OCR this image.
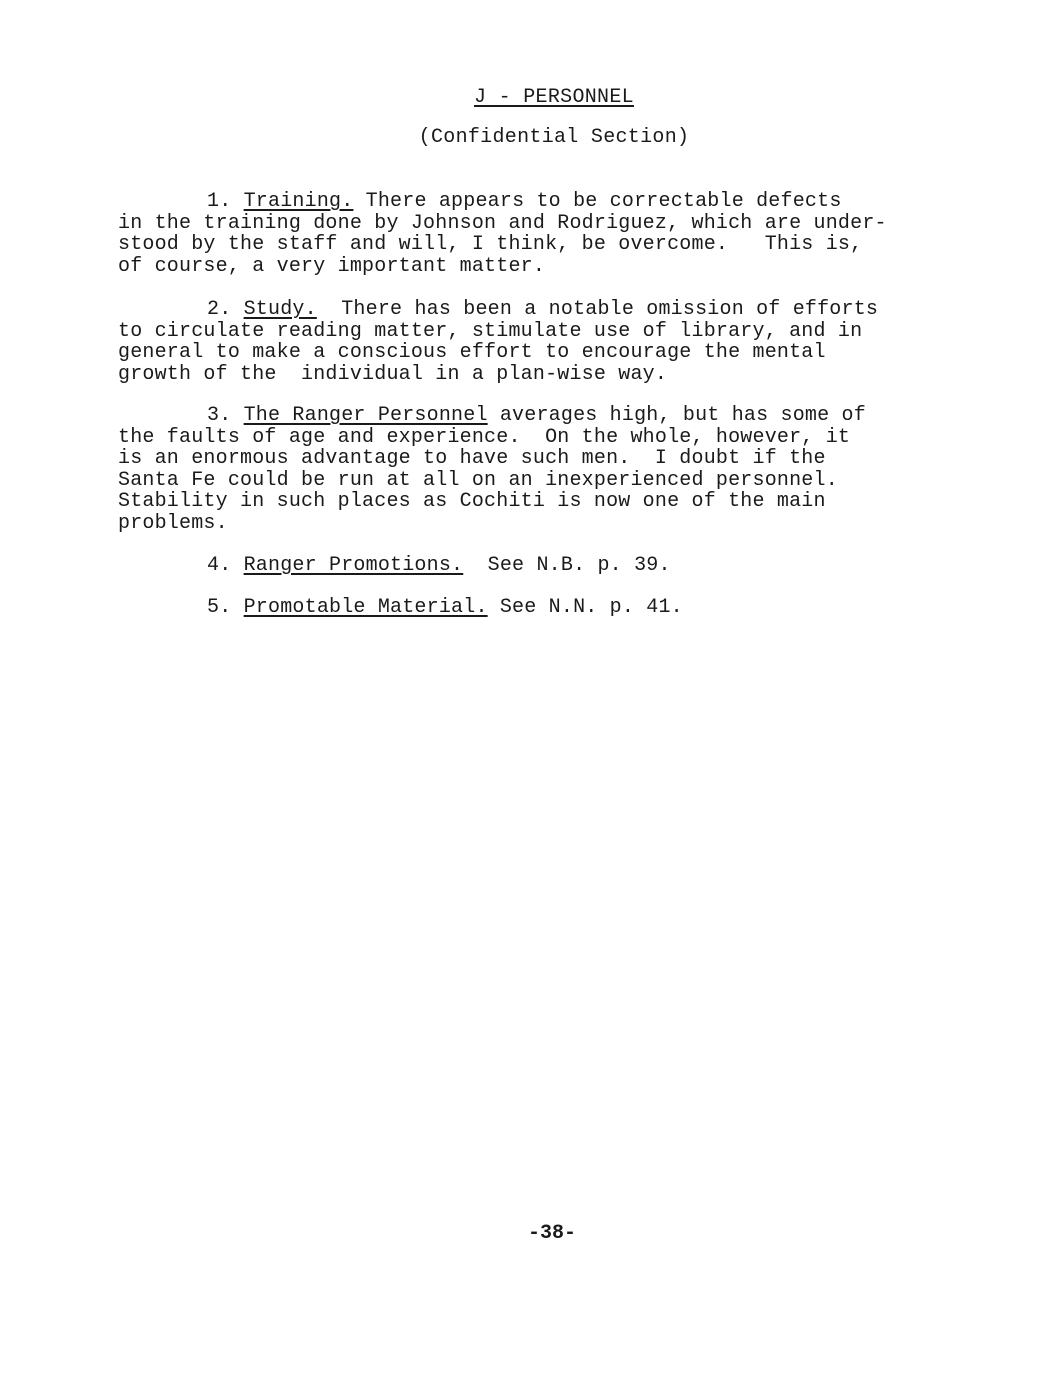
J - PERSONNEL
(Confidential Section)
1. Training. There appears to be correctable defects
in the training done by Johnson and Rodriguez, which are under-
stood by the staff and will, I think, be overcome.   This is,
of course, a very important matter.
2. Study.  There has been a notable omission of efforts
to circulate reading matter, stimulate use of library, and in
general to make a conscious effort to encourage the mental
growth of the  individual in a plan-wise way.
3. The Ranger Personnel averages high, but has some of
the faults of age and experience.  On the whole, however, it
is an enormous advantage to have such men.  I doubt if the
Santa Fe could be run at all on an inexperienced personnel.
Stability in such places as Cochiti is now one of the main
problems.
4. Ranger Promotions.  See N.B. p. 39.
5. Promotable Material. See N.N. p. 41.
-38-
